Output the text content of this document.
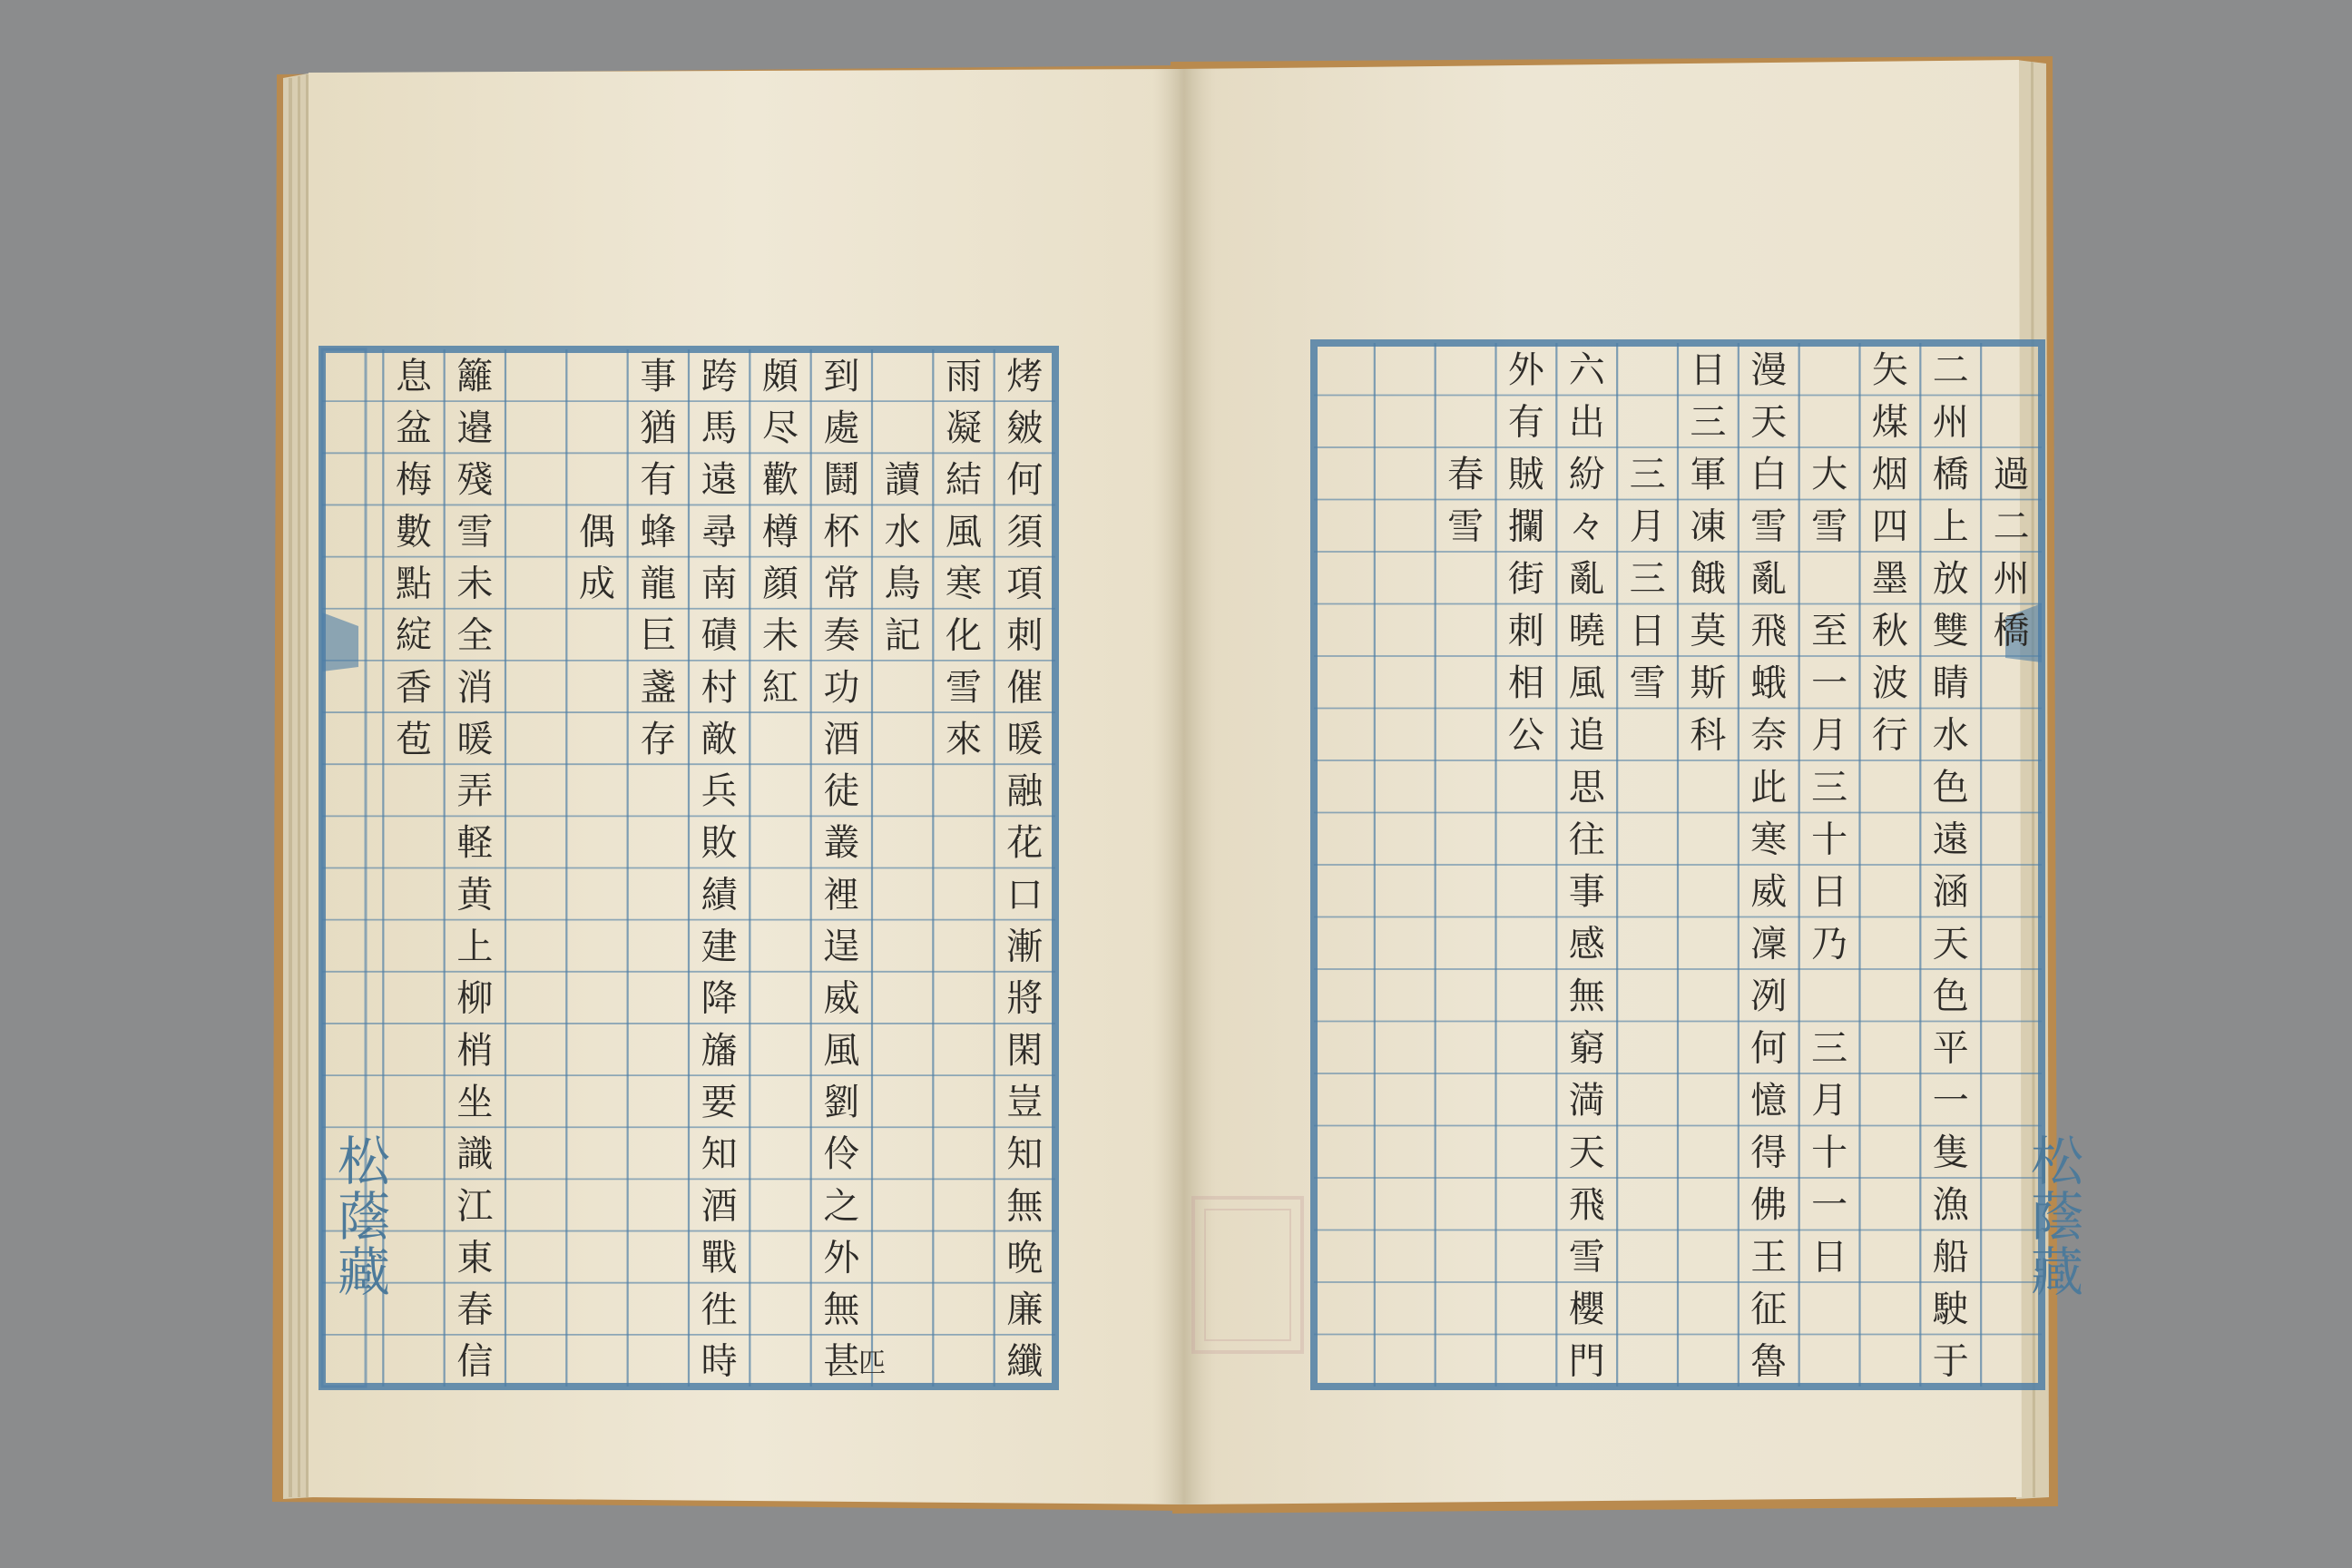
烤皴何須項刺催暖融花口漸將閑豈知無晩廉纖
雨凝結風寒化雪來
讀水鳥記
到處鬪杯常奏功酒徒叢裡逞威風劉伶之外無甚
頗尽歡樽顔未紅
跨馬遠尋南磧村敵兵敗績建降旛要知酒戰徃時
事猶有蜂龍巨盞存
偶成
籬邉殘雪未全消暖弄軽黄上柳梢坐識江東春信
息盆梅數點綻香苞
過二州橋
二州橋上放雙睛水色遠涵天色平一隻漁船駛于
矢煤烟四墨秋波行
大雪至一月三十日乃三月十一日
漫天白雪亂飛蛾奈此寒威凜冽何憶得佛王征魯
日三軍凍餓莫斯科
三月三日雪
六出紛々亂曉風追思往事感無窮満天飛雪櫻門
外有賊攔街刺相公
春雪
匹
松蔭藏
松蔭藏
